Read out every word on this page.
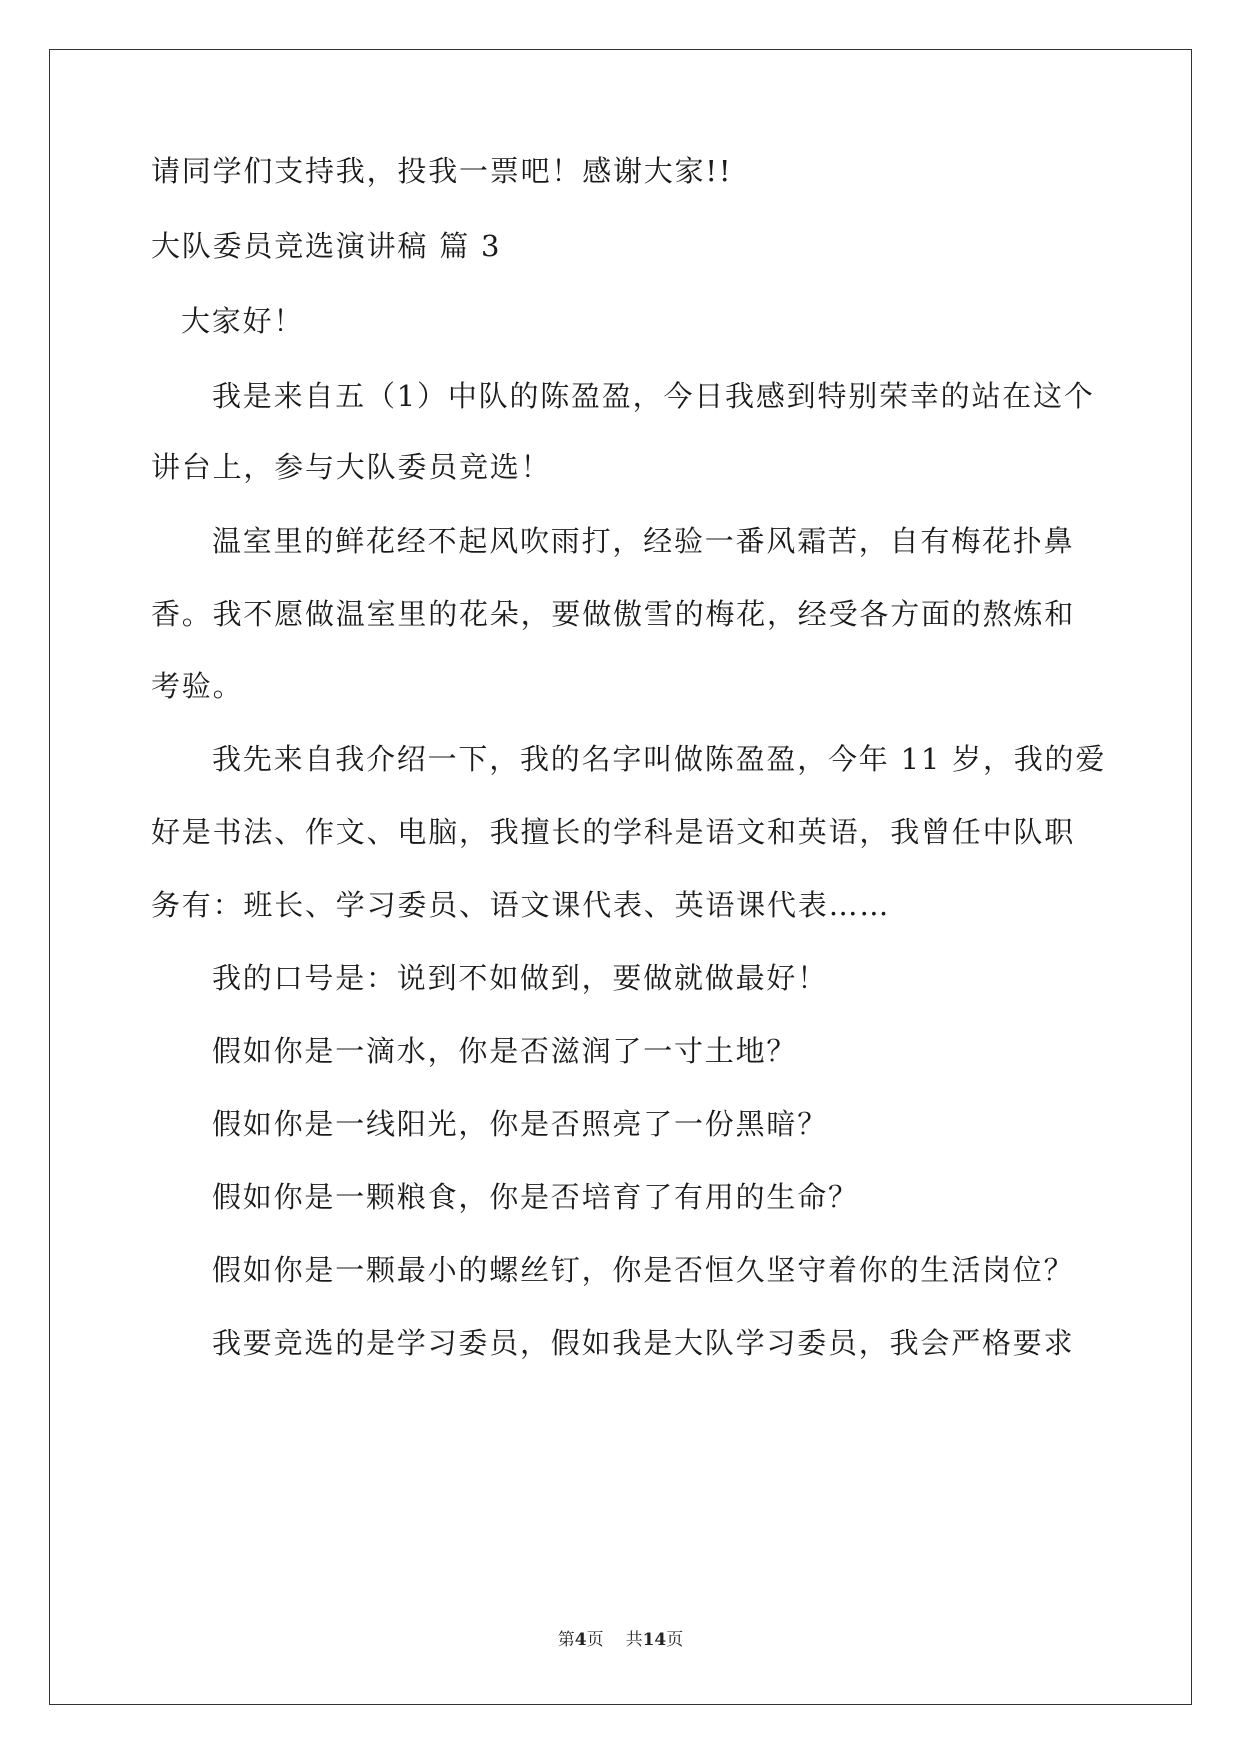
请同学们支持我，投我一票吧！感谢大家!!

大队委员竞选演讲稿 篇 3

大家好！

我是来自五（1）中队的陈盈盈，今日我感到特别荣幸的站在这个

讲台上，参与大队委员竞选！

温室里的鲜花经不起风吹雨打，经验一番风霜苦，自有梅花扑鼻

香。我不愿做温室里的花朵，要做傲雪的梅花，经受各方面的熬炼和

考验。

我先来自我介绍一下，我的名字叫做陈盈盈，今年 11 岁，我的爱

好是书法、作文、电脑，我擅长的学科是语文和英语，我曾任中队职

务有：班长、学习委员、语文课代表、英语课代表……

我的口号是：说到不如做到，要做就做最好！

假如你是一滴水，你是否滋润了一寸土地？

假如你是一线阳光，你是否照亮了一份黑暗？

假如你是一颗粮食，你是否培育了有用的生命？

假如你是一颗最小的螺丝钉，你是否恒久坚守着你的生活岗位？

我要竞选的是学习委员，假如我是大队学习委员，我会严格要求

第4页 共14页
